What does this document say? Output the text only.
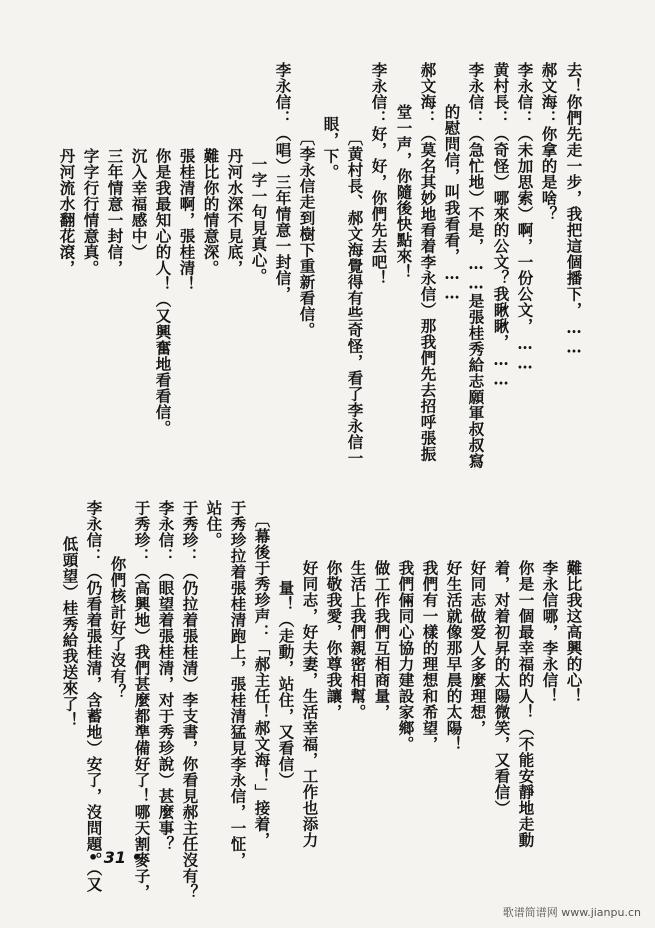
去！你們先走一步，我把這個播下，……
郝文海：你拿的是啥？
李永信：（未加思索）啊，一份公文，……
黄村長：（奇怪）哪來的公文？我瞅瞅，……
李永信：（急忙地）不是，……是張桂秀給志願軍叔叔寫
的慰問信，叫我看看，……
郝文海：（莫名其妙地看着李永信）那我們先去招呼張振
堂一声，你隨後快點來！
李永信：好，好，你們先去吧！
〔黄村長、郝文海覺得有些奇怪，看了李永信一
眼，下。
〔李永信走到樹下重新看信。
李永信：（唱）三年情意一封信，
一字一句見真心。
丹河水深不見底，
難比你的情意深。
張桂清啊，張桂清！
你是我最知心的人！（又興奮地看看信。
沉入幸福感中）
三年情意一封信，
字字行行情意真。
丹河流水翻花滾，
難比我这高興的心！
李永信哪，李永信！
你是一個最幸福的人！（不能安靜地走動
着，对着初昇的太陽微笑，又看信）
好同志做爱人多麼理想，
好生活就像那早晨的太陽！
我們有一樣的理想和希望，
我們倆同心協力建設家鄉。
做工作我們互相商量，
生活上我們親密相幫。
你敬我愛，你尊我讓，
好同志，好夫妻，生活幸福，工作也添力
量！（走動，站住，又看信）
〔幕後于秀珍声：「郝主任！郝文海！」接着，
于秀珍拉着張桂清跑上，張桂清猛見李永信，一怔，
站住。
于秀珍：（仍拉着張桂清）李支書，你看見郝主任沒有？
李永信：（眼望着張桂清，对于秀珍說）甚麼事？
于秀珍：（高興地）我們甚麼都準備好了！哪天割麥子，
你們核計好了沒有？
李永信：（仍看着張桂清，含蓄地）安了，沒問題。（又
低頭望）桂秀給我送來了！
• 31 •
歌谱简谱网 www.jianpu.cn
